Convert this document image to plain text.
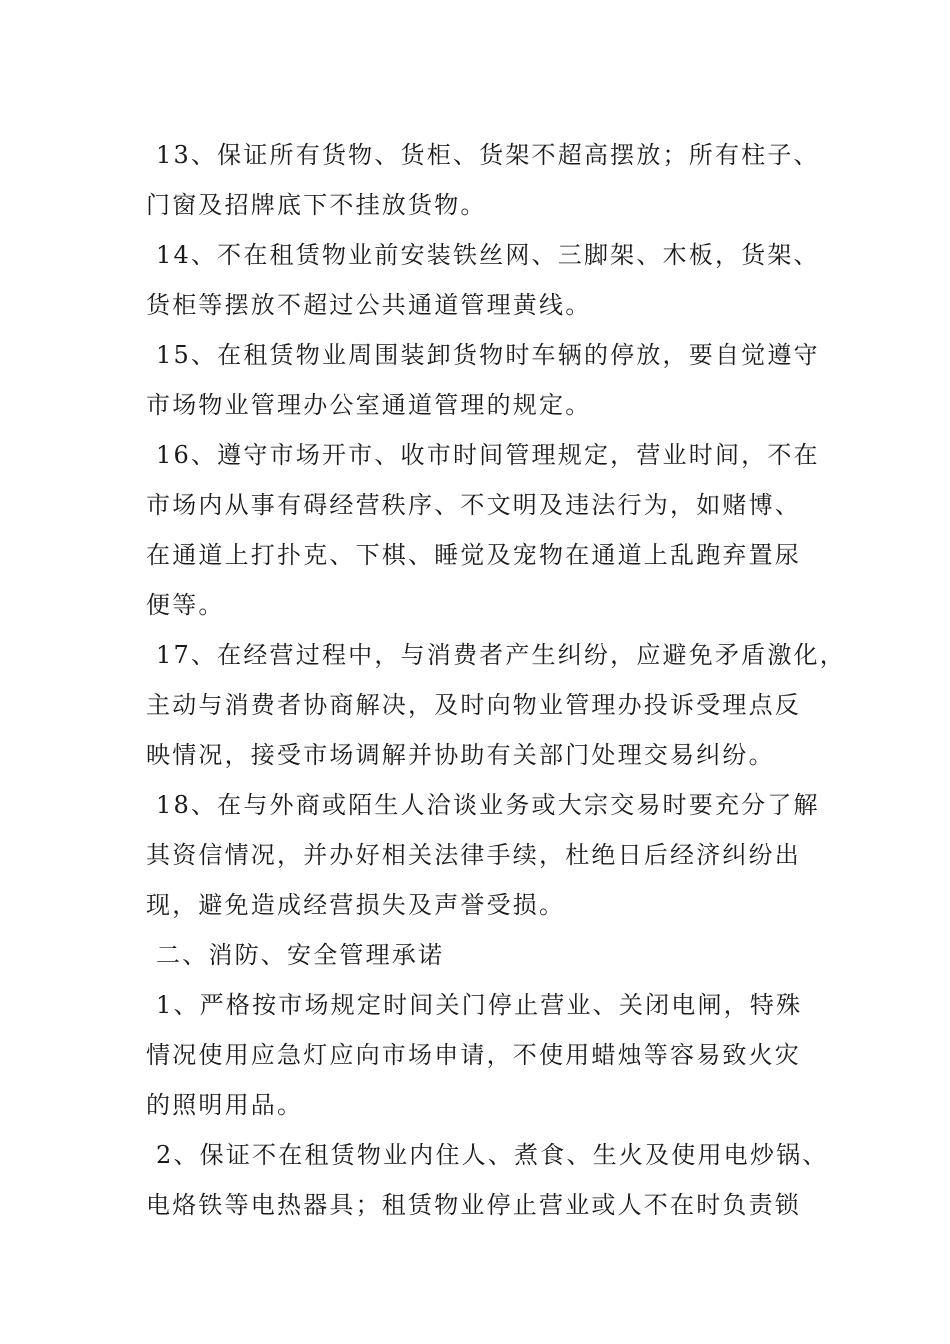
13、保证所有货物、货柜、货架不超高摆放；所有柱子、
门窗及招牌底下不挂放货物。
14、不在租赁物业前安装铁丝网、三脚架、木板，货架、
货柜等摆放不超过公共通道管理黄线。
15、在租赁物业周围装卸货物时车辆的停放，要自觉遵守
市场物业管理办公室通道管理的规定。
16、遵守市场开市、收市时间管理规定，营业时间，不在
市场内从事有碍经营秩序、不文明及违法行为，如赌博、
在通道上打扑克、下棋、睡觉及宠物在通道上乱跑弃置尿
便等。
17、在经营过程中，与消费者产生纠纷，应避免矛盾激化，
主动与消费者协商解决，及时向物业管理办投诉受理点反
映情况，接受市场调解并协助有关部门处理交易纠纷。
18、在与外商或陌生人洽谈业务或大宗交易时要充分了解
其资信情况，并办好相关法律手续，杜绝日后经济纠纷出
现，避免造成经营损失及声誉受损。
二、消防、安全管理承诺
1、严格按市场规定时间关门停止营业、关闭电闸，特殊
情况使用应急灯应向市场申请，不使用蜡烛等容易致火灾
的照明用品。
2、保证不在租赁物业内住人、煮食、生火及使用电炒锅、
电烙铁等电热器具；租赁物业停止营业或人不在时负责锁
